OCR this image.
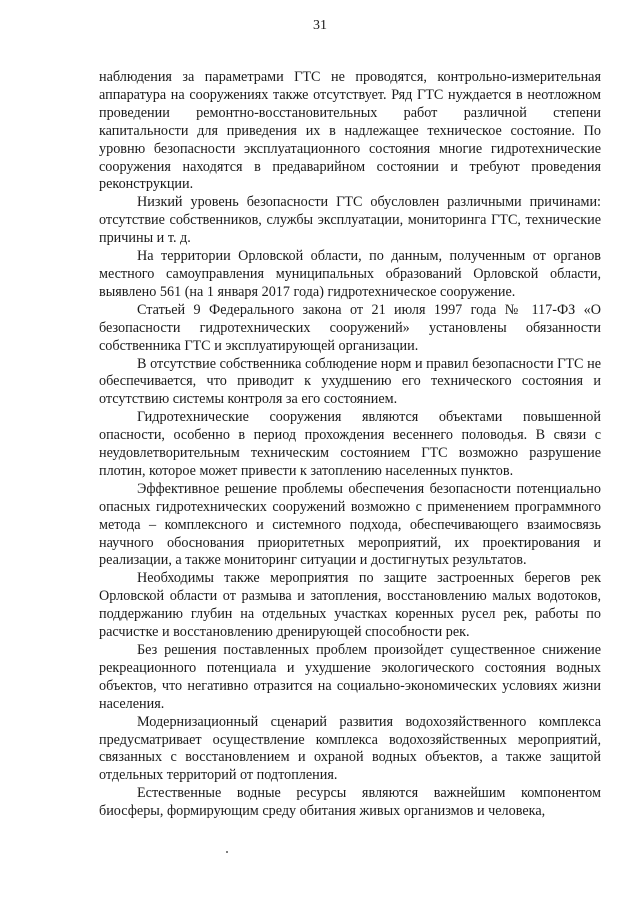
31

наблюдения за параметрами ГТС не проводятся, контрольно-измерительная аппаратура на сооружениях также отсутствует. Ряд ГТС нуждается в неотложном проведении ремонтно-восстановительных работ различной степени капитальности для приведения их в надлежащее техническое состояние. По уровню безопасности эксплуатационного состояния многие гидротехнические сооружения находятся в предаварийном состоянии и требуют проведения реконструкции.

Низкий уровень безопасности ГТС обусловлен различными причинами: отсутствие собственников, службы эксплуатации, мониторинга ГТС, технические причины и т. д.

На территории Орловской области, по данным, полученным от органов местного самоуправления муниципальных образований Орловской области, выявлено 561 (на 1 января 2017 года) гидротехническое сооружение.

Статьей 9 Федерального закона от 21 июля 1997 года № 117-ФЗ «О безопасности гидротехнических сооружений» установлены обязанности собственника ГТС и эксплуатирующей организации.

В отсутствие собственника соблюдение норм и правил безопасности ГТС не обеспечивается, что приводит к ухудшению его технического состояния и отсутствию системы контроля за его состоянием.

Гидротехнические сооружения являются объектами повышенной опасности, особенно в период прохождения весеннего половодья. В связи с неудовлетворительным техническим состоянием ГТС возможно разрушение плотин, которое может привести к затоплению населенных пунктов.

Эффективное решение проблемы обеспечения безопасности потенциально опасных гидротехнических сооружений возможно с применением программного метода – комплексного и системного подхода, обеспечивающего взаимосвязь научного обоснования приоритетных мероприятий, их проектирования и реализации, а также мониторинг ситуации и достигнутых результатов.

Необходимы также мероприятия по защите застроенных берегов рек Орловской области от размыва и затопления, восстановлению малых водотоков, поддержанию глубин на отдельных участках коренных русел рек, работы по расчистке и восстановлению дренирующей способности рек.

Без решения поставленных проблем произойдет существенное снижение рекреационного потенциала и ухудшение экологического состояния водных объектов, что негативно отразится на социально-экономических условиях жизни населения.

Модернизационный сценарий развития водохозяйственного комплекса предусматривает осуществление комплекса водохозяйственных мероприятий, связанных с восстановлением и охраной водных объектов, а также защитой отдельных территорий от подтопления.

Естественные водные ресурсы являются важнейшим компонентом биосферы, формирующим среду обитания живых организмов и человека,
